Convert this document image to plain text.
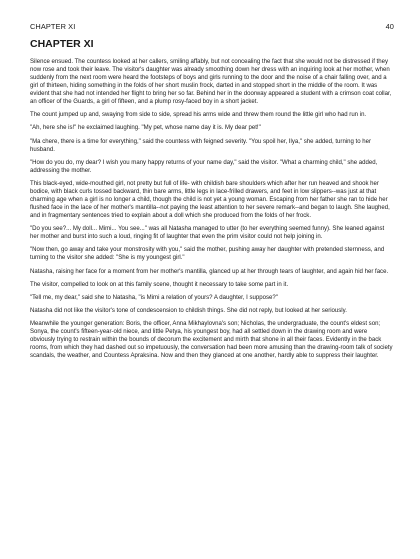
CHAPTER XI	40
CHAPTER XI

Silence ensued. The countess looked at her callers, smiling affably, but not concealing the fact that she would not be distressed if they now rose and took their leave. The visitor's daughter was already smoothing down her dress with an inquiring look at her mother, when suddenly from the next room were heard the footsteps of boys and girls running to the door and the noise of a chair falling over, and a girl of thirteen, hiding something in the folds of her short muslin frock, darted in and stopped short in the middle of the room. It was evident that she had not intended her flight to bring her so far. Behind her in the doorway appeared a student with a crimson coat collar, an officer of the Guards, a girl of fifteen, and a plump rosy-faced boy in a short jacket.

The count jumped up and, swaying from side to side, spread his arms wide and threw them round the little girl who had run in.

"Ah, here she is!" he exclaimed laughing. "My pet, whose name day it is. My dear pet!"

"Ma chere, there is a time for everything," said the countess with feigned severity. "You spoil her, Ilya," she added, turning to her husband.

"How do you do, my dear? I wish you many happy returns of your name day," said the visitor. "What a charming child," she added, addressing the mother.

This black-eyed, wide-mouthed girl, not pretty but full of life- with childish bare shoulders which after her run heaved and shook her bodice, with black curls tossed backward, thin bare arms, little legs in lace-frilled drawers, and feet in low slippers--was just at that charming age when a girl is no longer a child, though the child is not yet a young woman. Escaping from her father she ran to hide her flushed face in the lace of her mother's mantilla--not paying the least attention to her severe remark--and began to laugh. She laughed, and in fragmentary sentences tried to explain about a doll which she produced from the folds of her frock.

"Do you see?... My doll... Mimi... You see..." was all Natasha managed to utter (to her everything seemed funny). She leaned against her mother and burst into such a loud, ringing fit of laughter that even the prim visitor could not help joining in.

"Now then, go away and take your monstrosity with you," said the mother, pushing away her daughter with pretended sternness, and turning to the visitor she added: "She is my youngest girl."

Natasha, raising her face for a moment from her mother's mantilla, glanced up at her through tears of laughter, and again hid her face.

The visitor, compelled to look on at this family scene, thought it necessary to take some part in it.

"Tell me, my dear," said she to Natasha, "is Mimi a relation of yours? A daughter, I suppose?"

Natasha did not like the visitor's tone of condescension to childish things. She did not reply, but looked at her seriously.

Meanwhile the younger generation: Boris, the officer, Anna Mikhaylovna's son; Nicholas, the undergraduate, the count's eldest son; Sonya, the count's fifteen-year-old niece, and little Petya, his youngest boy, had all settled down in the drawing room and were obviously trying to restrain within the bounds of decorum the excitement and mirth that shone in all their faces. Evidently in the back rooms, from which they had dashed out so impetuously, the conversation had been more amusing than the drawing-room talk of society scandals, the weather, and Countess Apraksina. Now and then they glanced at one another, hardly able to suppress their laughter.
